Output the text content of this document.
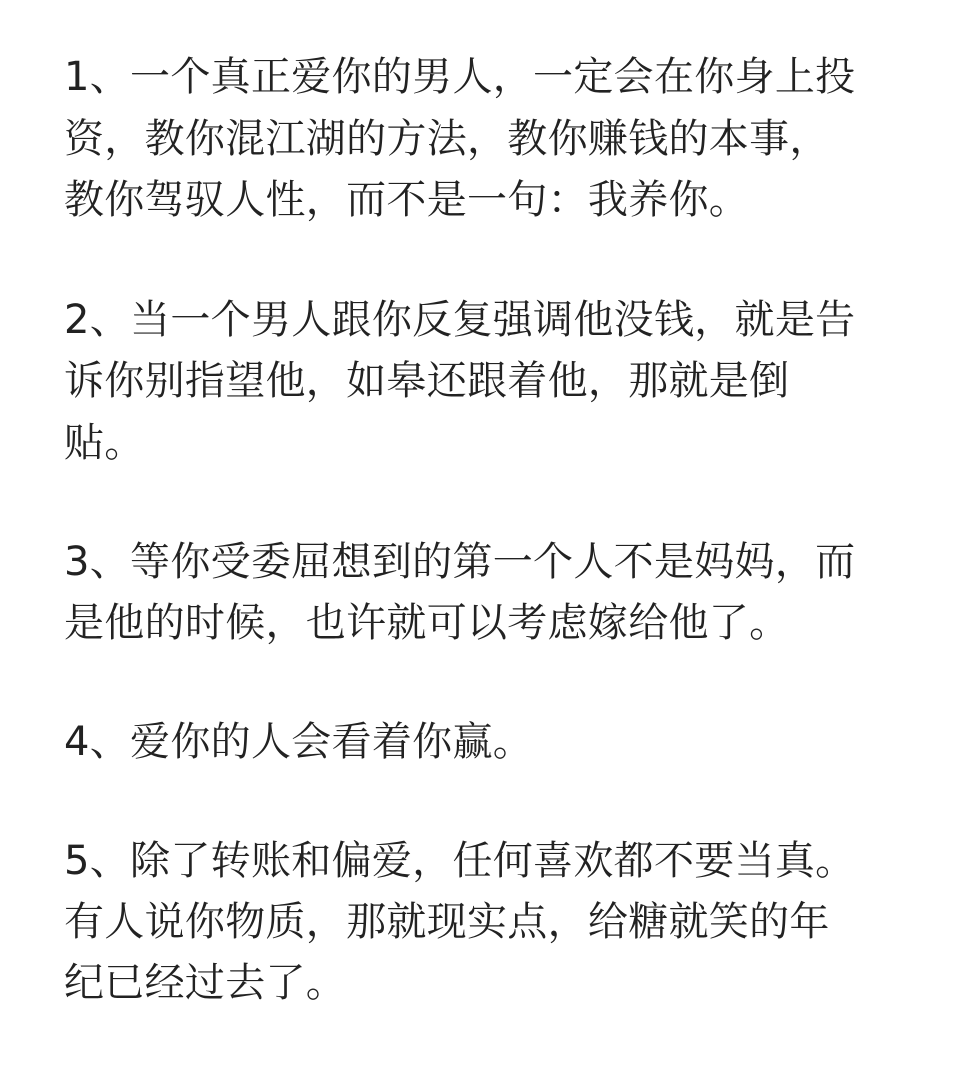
1、一个真正爱你的男人，一定会在你身上投
资，教你混江湖的方法，教你赚钱的本事，
教你驾驭人性，而不是一句：我养你。
2、当一个男人跟你反复强调他没钱，就是告
诉你别指望他，如皋还跟着他，那就是倒
贴。
3、等你受委屈想到的第一个人不是妈妈，而
是他的时候，也许就可以考虑嫁给他了。
4、爱你的人会看着你赢。
5、除了转账和偏爱，任何喜欢都不要当真。
有人说你物质，那就现实点，给糖就笑的年
纪已经过去了。
